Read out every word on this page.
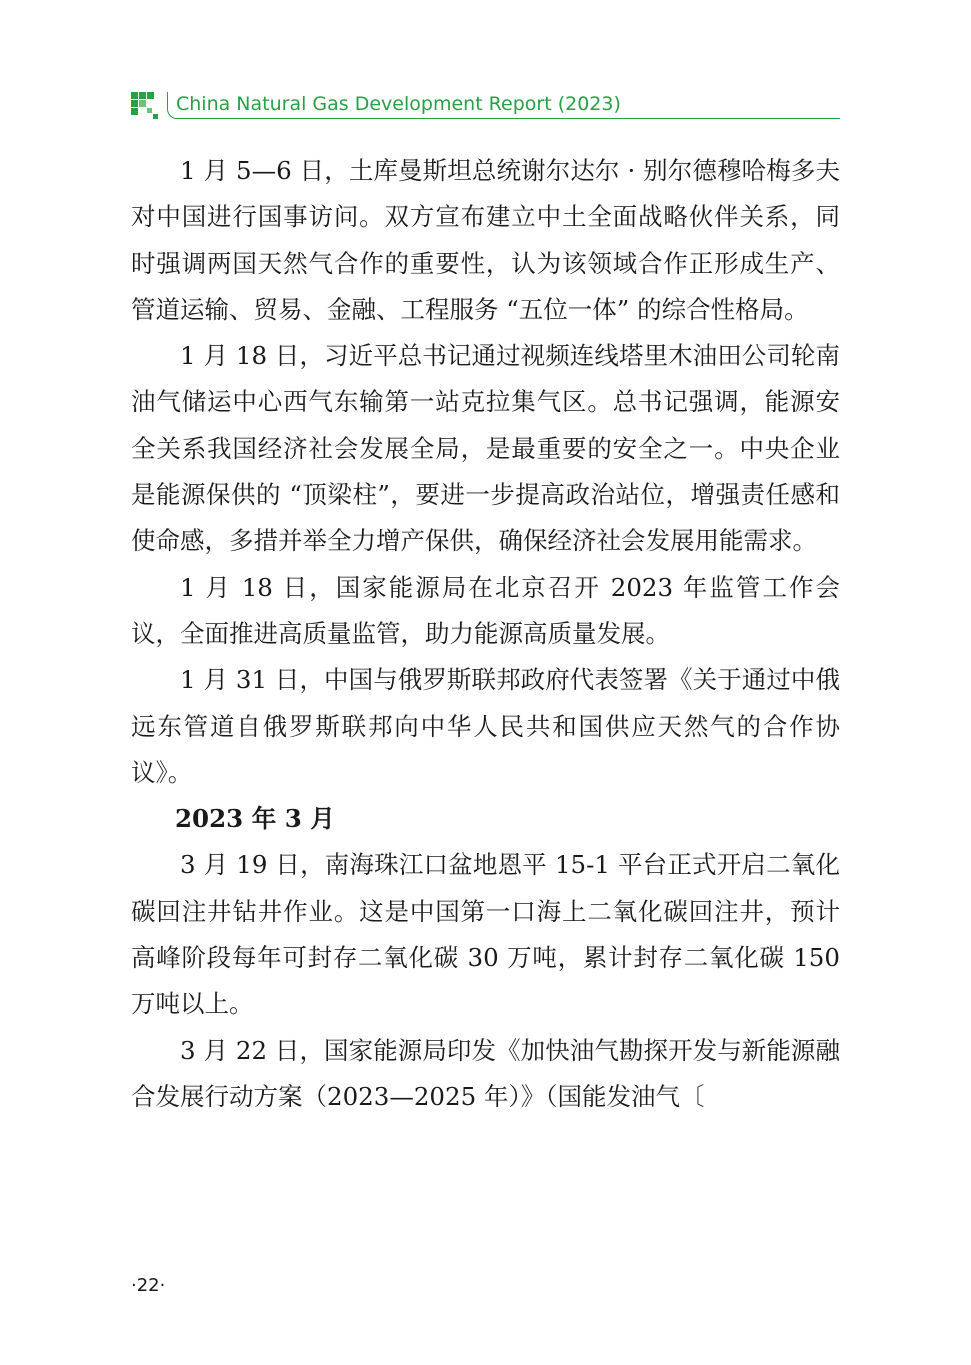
China Natural Gas Development Report (2023)

1 月 5—6 日，土库曼斯坦总统谢尔达尔 · 别尔德穆哈梅多夫对中国进行国事访问。双方宣布建立中土全面战略伙伴关系，同时强调两国天然气合作的重要性，认为该领域合作正形成生产、管道运输、贸易、金融、工程服务 “五位一体” 的综合性格局。

1 月 18 日，习近平总书记通过视频连线塔里木油田公司轮南油气储运中心西气东输第一站克拉集气区。总书记强调，能源安全关系我国经济社会发展全局，是最重要的安全之一。中央企业是能源保供的 “顶梁柱”，要进一步提高政治站位，增强责任感和使命感，多措并举全力增产保供，确保经济社会发展用能需求。

1 月 18 日，国家能源局在北京召开 2023 年监管工作会议，全面推进高质量监管，助力能源高质量发展。

1 月 31 日，中国与俄罗斯联邦政府代表签署《关于通过中俄远东管道自俄罗斯联邦向中华人民共和国供应天然气的合作协议》。

2023 年 3 月

3 月 19 日，南海珠江口盆地恩平 15-1 平台正式开启二氧化碳回注井钻井作业。这是中国第一口海上二氧化碳回注井，预计高峰阶段每年可封存二氧化碳 30 万吨，累计封存二氧化碳 150 万吨以上。

3 月 22 日，国家能源局印发《加快油气勘探开发与新能源融合发展行动方案（2023—2025 年）》（国能发油气〔

·22·
